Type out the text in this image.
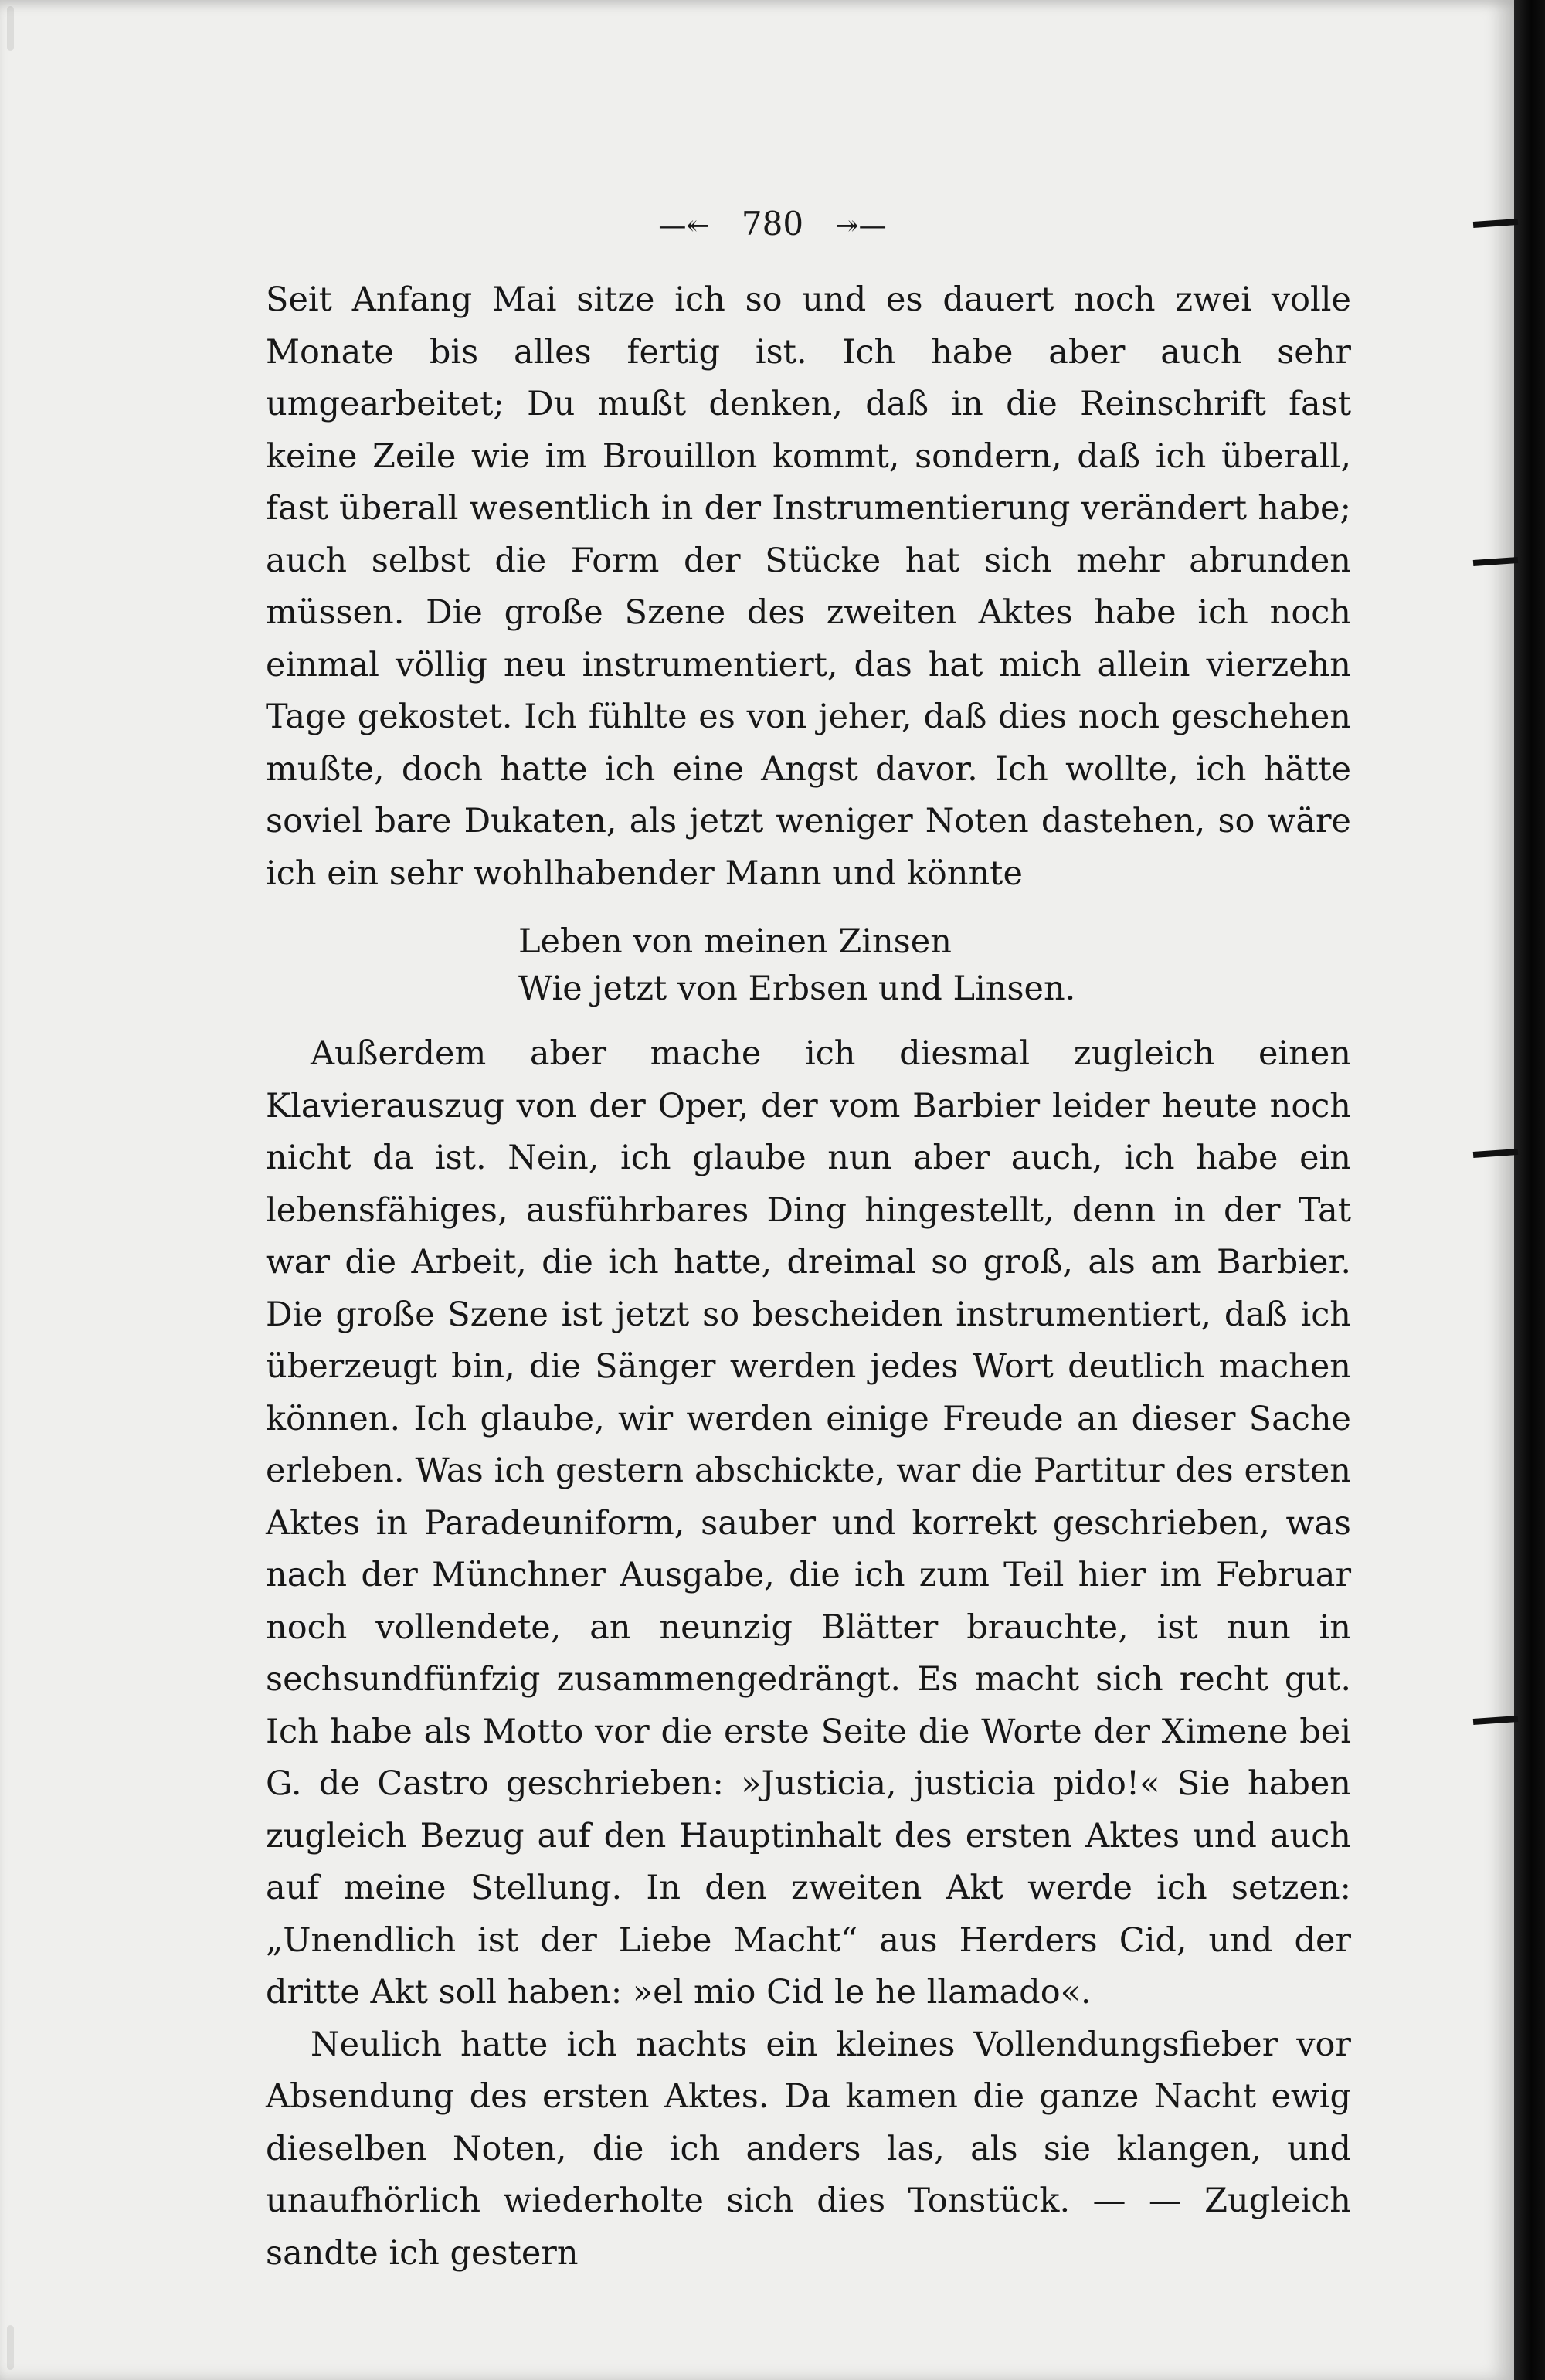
—↞ 780 ↠—

Seit Anfang Mai sitze ich so und es dauert noch zwei volle Monate bis alles fertig ist. Ich habe aber auch sehr umgearbeitet; Du mußt denken, daß in die Reinschrift fast keine Zeile wie im Brouillon kommt, sondern, daß ich überall, fast überall wesentlich in der Instrumentierung verändert habe; auch selbst die Form der Stücke hat sich mehr abrunden müssen. Die große Szene des zweiten Aktes habe ich noch einmal völlig neu instrumentiert, das hat mich allein vierzehn Tage gekostet. Ich fühlte es von jeher, daß dies noch geschehen mußte, doch hatte ich eine Angst davor. Ich wollte, ich hätte soviel bare Dukaten, als jetzt weniger Noten dastehen, so wäre ich ein sehr wohlhabender Mann und könnte

Leben von meinen Zinsen
Wie jetzt von Erbsen und Linsen.

Außerdem aber mache ich diesmal zugleich einen Klavierauszug von der Oper, der vom Barbier leider heute noch nicht da ist. Nein, ich glaube nun aber auch, ich habe ein lebensfähiges, ausführbares Ding hingestellt, denn in der Tat war die Arbeit, die ich hatte, dreimal so groß, als am Barbier. Die große Szene ist jetzt so bescheiden instrumentiert, daß ich überzeugt bin, die Sänger werden jedes Wort deutlich machen können. Ich glaube, wir werden einige Freude an dieser Sache erleben. Was ich gestern abschickte, war die Partitur des ersten Aktes in Paradeuniform, sauber und korrekt geschrieben, was nach der Münchner Ausgabe, die ich zum Teil hier im Februar noch vollendete, an neunzig Blätter brauchte, ist nun in sechsundfünfzig zusammengedrängt. Es macht sich recht gut. Ich habe als Motto vor die erste Seite die Worte der Ximene bei G. de Castro geschrieben: »Justicia, justicia pido!« Sie haben zugleich Bezug auf den Hauptinhalt des ersten Aktes und auch auf meine Stellung. In den zweiten Akt werde ich setzen: „Unendlich ist der Liebe Macht“ aus Herders Cid, und der dritte Akt soll haben: »el mio Cid le he llamado«.

Neulich hatte ich nachts ein kleines Vollendungsfieber vor Absendung des ersten Aktes. Da kamen die ganze Nacht ewig dieselben Noten, die ich anders las, als sie klangen, und unaufhörlich wiederholte sich dies Tonstück. — — Zugleich sandte ich gestern
